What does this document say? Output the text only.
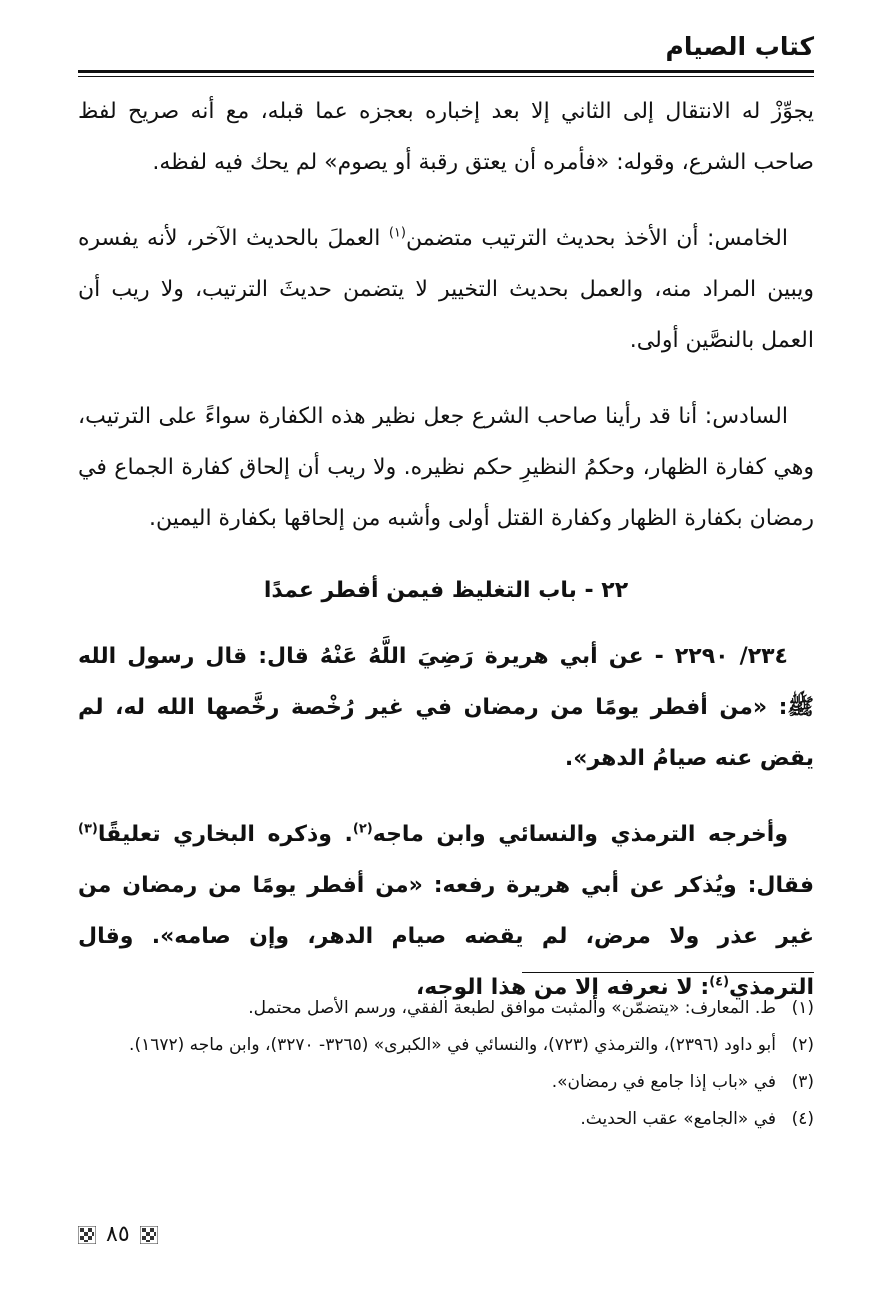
كتاب الصيام

يجوِّزْ له الانتقال إلى الثاني إلا بعد إخباره بعجزه عما قبله، مع أنه صريح لفظ صاحب الشرع، وقوله: «فأمره أن يعتق رقبة أو يصوم» لم يحك فيه لفظه.

الخامس: أن الأخذ بحديث الترتيب متضمن$^{(١)}$ العملَ بالحديث الآخر، لأنه يفسره ويبين المراد منه، والعمل بحديث التخيير لا يتضمن حديثَ الترتيب، ولا ريب أن العمل بالنصَّين أولى.

السادس: أنا قد رأينا صاحب الشرع جعل نظير هذه الكفارة سواءً على الترتيب، وهي كفارة الظهار، وحكمُ النظيرِ حكم نظيره. ولا ريب أن إلحاق كفارة الجماع في رمضان بكفارة الظهار وكفارة القتل أولى وأشبه من إلحاقها بكفارة اليمين.

٢٢ - باب التغليظ فيمن أفطر عمدًا

٢٣٤/ ٢٢٩٠ - عن أبي هريرة رَضِيَ اللَّهُ عَنْهُ قال: قال رسول الله ﷺ: «من أفطر يومًا من رمضان في غير رُخْصة رخَّصها الله له، لم يقض عنه صيامُ الدهر».

وأخرجه الترمذي والنسائي وابن ماجه$^{(٢)}$. وذكره البخاري تعليقًا$^{(٣)}$ فقال: ويُذكر عن أبي هريرة رفعه: «من أفطر يومًا من رمضان من غير عذر ولا مرض، لم يقضه صيام الدهر، وإن صامه». وقال الترمذي$^{(٤)}$: لا نعرفه إلا من هذا الوجه،

(١)
ط. المعارف: «يتضمّن» والمثبت موافق لطبعة الفقي، ورسم الأصل محتمل.
(٢)
أبو داود (٢٣٩٦)، والترمذي (٧٢٣)، والنسائي في «الكبرى» (٣٢٦٥- ٣٢٧٠)، وابن ماجه (١٦٧٢).
(٣)
في «باب إذا جامع في رمضان».
(٤)
في «الجامع» عقب الحديث.
٨٥
